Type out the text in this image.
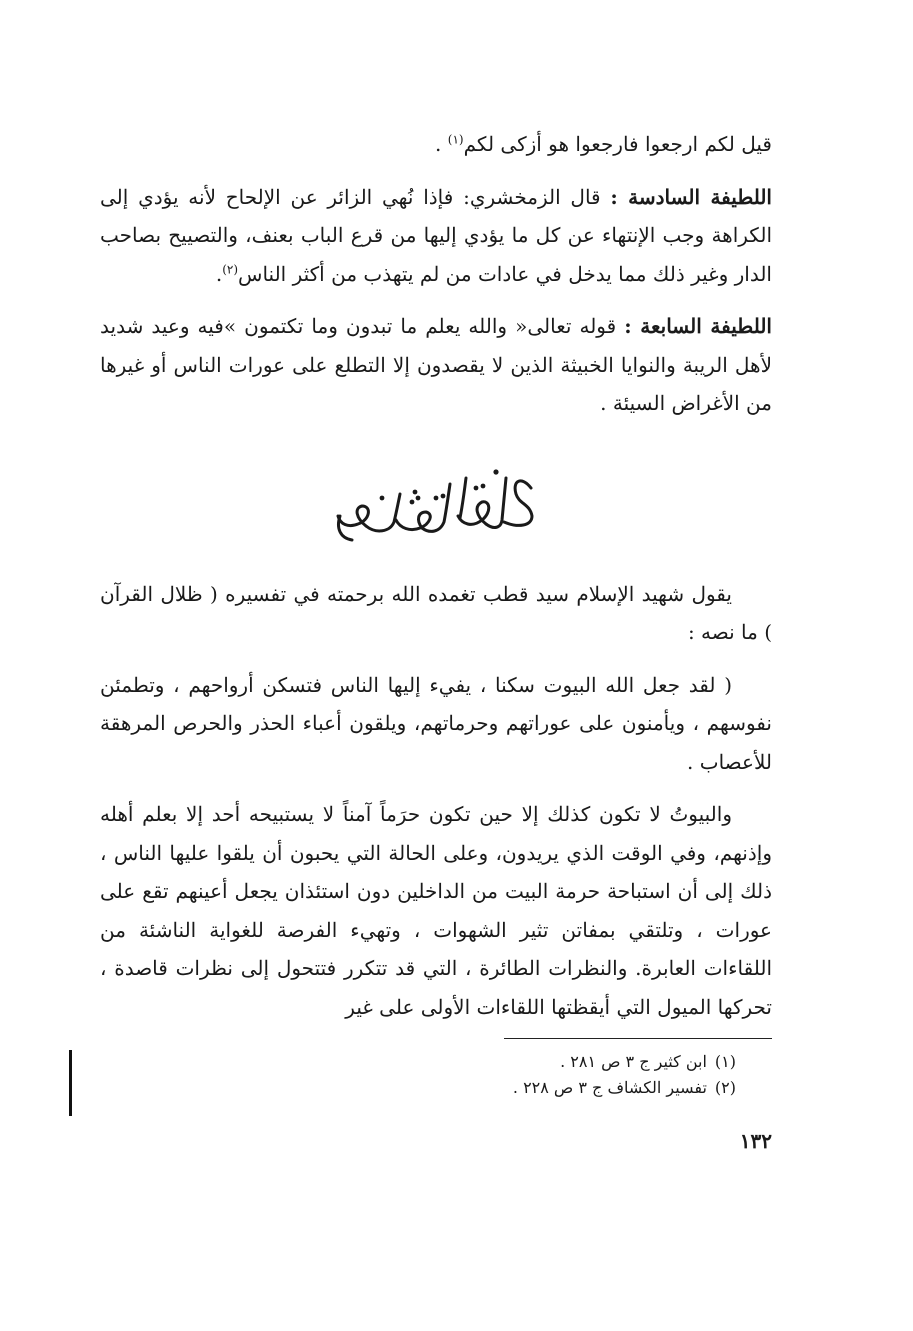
قيل لكم ارجعوا فارجعوا هو أزكى لكم$^{(١)}$ .

اللطيفة السادسة : قال الزمخشري: فإذا نُهي الزائر عن الإلحاح لأنه يؤدي إلى الكراهة وجب الإنتهاء عن كل ما يؤدي إليها من قرع الباب بعنف، والتصييح بصاحب الدار وغير ذلك مما يدخل في عادات من لم يتهذب من أكثر الناس$^{(٢)}$.

اللطيفة السابعة : قوله تعالى« والله يعلم ما تبدون وما تكتمون »فيه وعيد شديد لأهل الريبة والنوايا الخبيثة الذين لا يقصدون إلا التطلع على عورات الناس أو غيرها من الأغراض السيئة .

يقول شهيد الإسلام سيد قطب تغمده الله برحمته في تفسيره ( ظلال القرآن ) ما نصه :

( لقد جعل الله البيوت سكنا ، يفيء إليها الناس فتسكن أرواحهم ، وتطمئن نفوسهم ، ويأمنون على عوراتهم وحرماتهم، ويلقون أعباء الحذر والحرص المرهقة للأعصاب .

والبيوتُ لا تكون كذلك إلا حين تكون حرَماً آمناً لا يستبيحه أحد إلا بعلم أهله وإذنهم، وفي الوقت الذي يريدون، وعلى الحالة التي يحبون أن يلقوا عليها الناس ، ذلك إلى أن استباحة حرمة البيت من الداخلين دون استئذان يجعل أعينهم تقع على عورات ، وتلتقي بمفاتن تثير الشهوات ، وتهيء الفرصة للغواية الناشئة من اللقاءات العابرة. والنظرات الطائرة ، التي قد تتكرر فتتحول إلى نظرات قاصدة ، تحركها الميول التي أيقظتها اللقاءات الأولى على غير

(١)ابن كثير ج ٣ ص ٢٨١ .
(٢)تفسير الكشاف ج ٣ ص ٢٢٨ .
١٣٢
